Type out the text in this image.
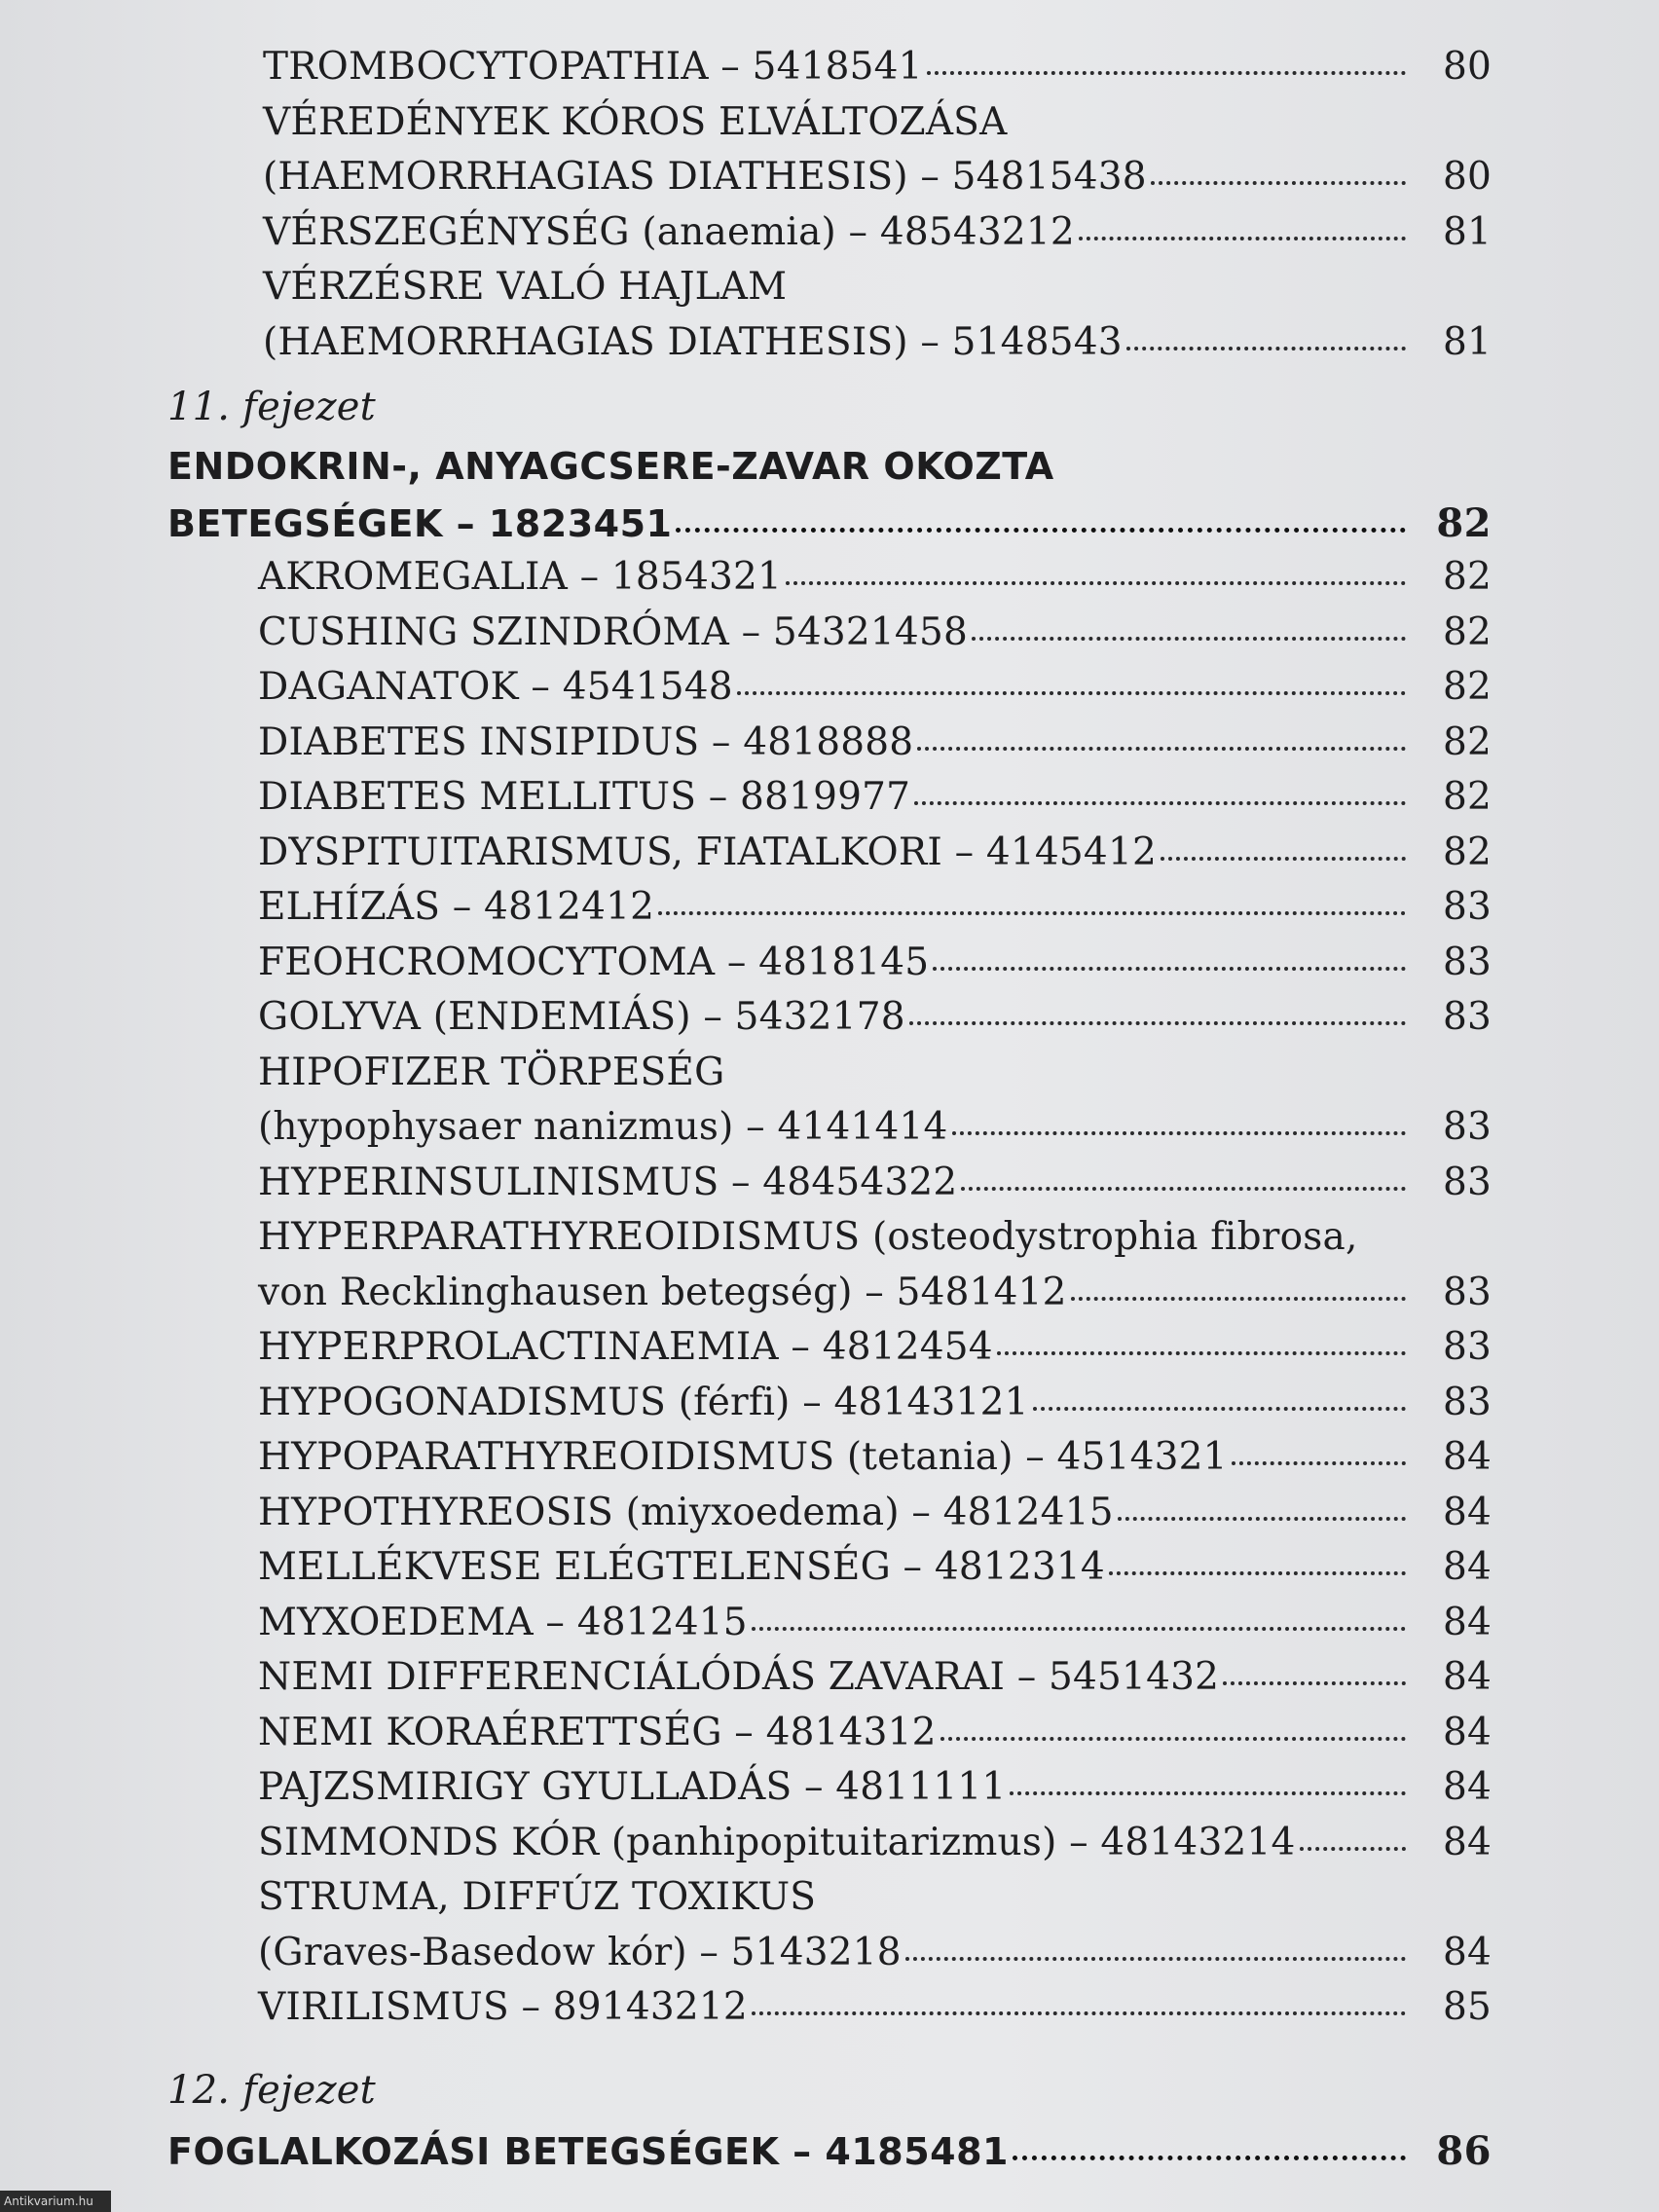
TROMBOCYTOPATHIA – 5418541	80
VÉREDÉNYEK KÓROS ELVÁLTOZÁSA
(HAEMORRHAGIAS DIATHESIS) – 54815438	80
VÉRSZEGÉNYSÉG (anaemia) – 48543212	81
VÉRZÉSRE VALÓ HAJLAM
(HAEMORRHAGIAS DIATHESIS) – 5148543	81
11. fejezet
ENDOKRIN-, ANYAGCSERE-ZAVAR OKOZTA
BETEGSÉGEK – 1823451	82
AKROMEGALIA – 1854321	82
CUSHING SZINDRÓMA – 54321458	82
DAGANATOK – 4541548	82
DIABETES INSIPIDUS – 4818888	82
DIABETES MELLITUS – 8819977	82
DYSPITUITARISMUS, FIATALKORI – 4145412	82
ELHÍZÁS – 4812412	83
FEOHCROMOCYTOMA – 4818145	83
GOLYVA (ENDEMIÁS) – 5432178	83
HIPOFIZER TÖRPESÉG
(hypophysaer nanizmus) – 4141414	83
HYPERINSULINISMUS – 48454322	83
HYPERPARATHYREOIDISMUS (osteodystrophia fibrosa,
von Recklinghausen betegség) – 5481412	83
HYPERPROLACTINAEMIA – 4812454	83
HYPOGONADISMUS (férfi) – 48143121	83
HYPOPARATHYREOIDISMUS (tetania) – 4514321	84
HYPOTHYREOSIS (miyxoedema) – 4812415	84
MELLÉKVESE ELÉGTELENSÉG – 4812314	84
MYXOEDEMA – 4812415	84
NEMI DIFFERENCIÁLÓDÁS ZAVARAI – 5451432	84
NEMI KORAÉRETTSÉG – 4814312	84
PAJZSMIRIGY GYULLADÁS – 4811111	84
SIMMONDS KÓR (panhipopituitarizmus) – 48143214	84
STRUMA, DIFFÚZ TOXIKUS
(Graves-Basedow kór) – 5143218	84
VIRILISMUS – 89143212	85
12. fejezet
FOGLALKOZÁSI BETEGSÉGEK – 4185481	86
Antikvarium.hu
